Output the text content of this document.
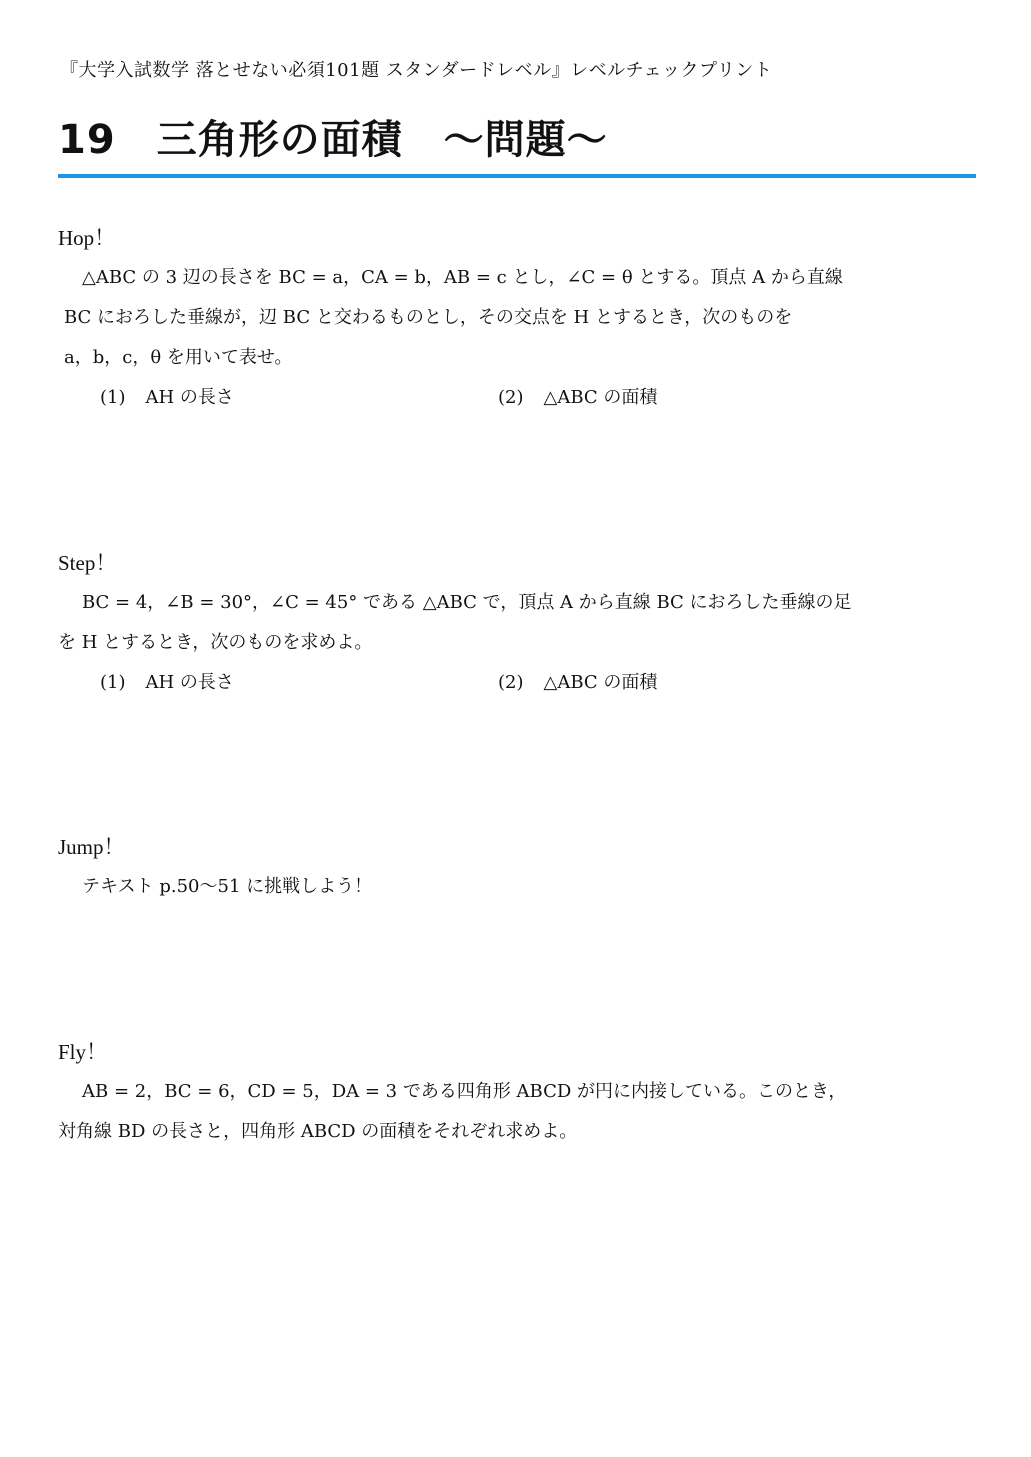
『大学入試数学 落とせない必須101題 スタンダードレベル』レベルチェックプリント
19　三角形の面積　～問題～
Hop！

△ABC の 3 辺の長さを BC = a，CA = b，AB = c とし，∠C = θ とする。頂点 A から直線

BC におろした垂線が，辺 BC と交わるものとし，その交点を H とするとき，次のものを

a，b，c，θ を用いて表せ。

(1) AH の長さ	(2) △ABC の面積
Step！

BC = 4，∠B = 30°，∠C = 45° である △ABC で，頂点 A から直線 BC におろした垂線の足

を H とするとき，次のものを求めよ。

(1) AH の長さ	(2) △ABC の面積
Jump！

テキスト p.50～51 に挑戦しよう！

Fly！

AB = 2，BC = 6，CD = 5，DA = 3 である四角形 ABCD が円に内接している。このとき，

対角線 BD の長さと，四角形 ABCD の面積をそれぞれ求めよ。
